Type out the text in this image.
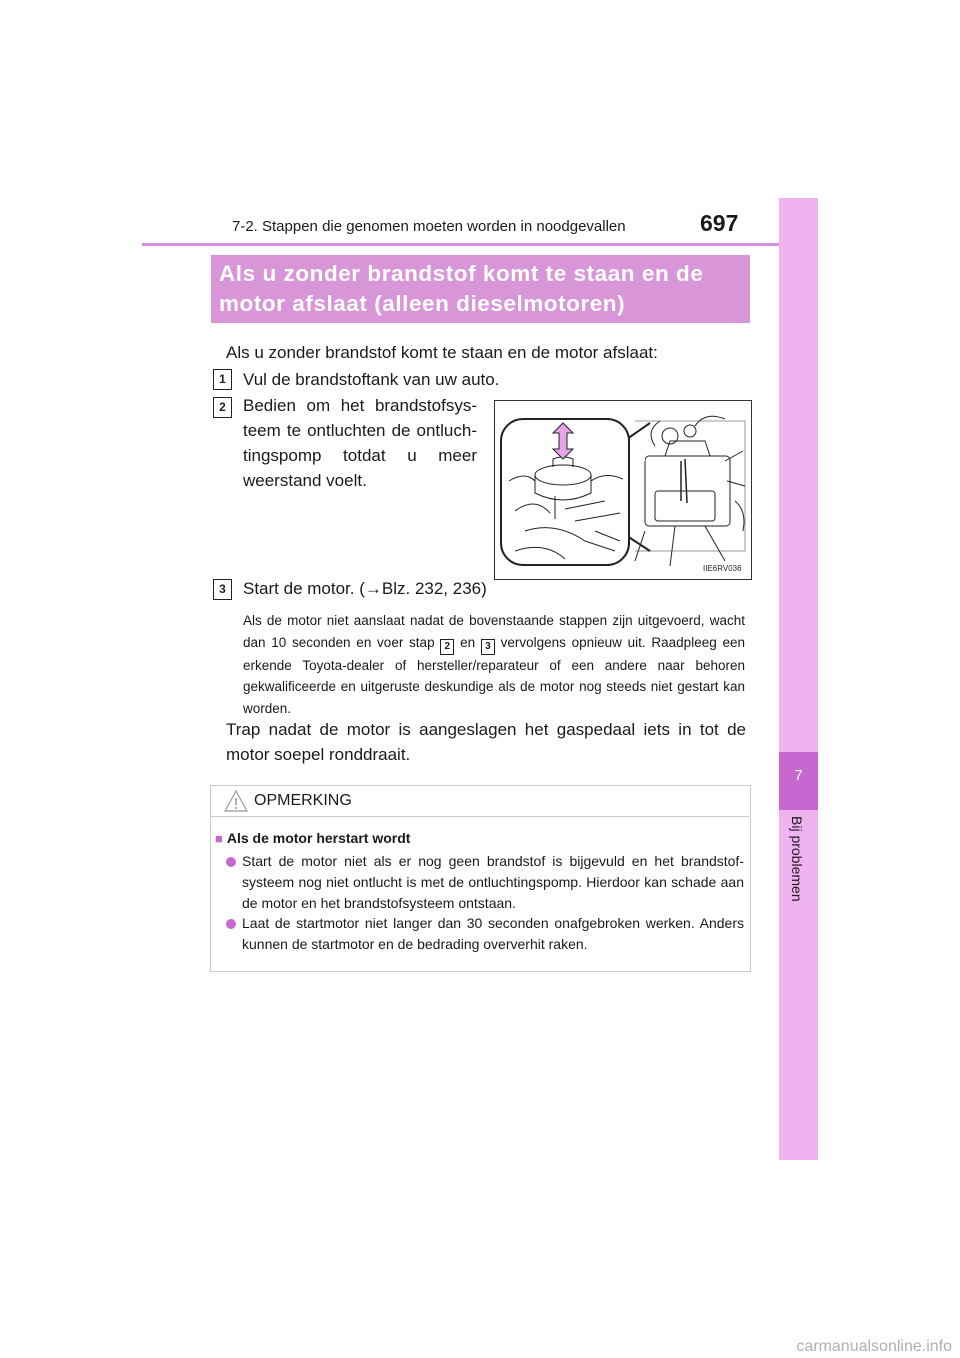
7-2. Stappen die genomen moeten worden in noodgevallen	697
7
Bij problemen
Als u zonder brandstof komt te staan en de
motor afslaat (alleen dieselmotoren)
Als u zonder brandstof komt te staan en de motor afslaat:
1	Vul de brandstoftank van uw auto.
2	Bedien om het brandstofsys-
teem te ontluchten de ontluch-
tingspomp totdat u meer
weerstand voelt.
IIE6RV036
3	Start de motor. (→Blz. 232, 236)
Als de motor niet aanslaat nadat de bovenstaande stappen zijn uitgevoerd, wacht dan 10 seconden en voer stap 2 en 3 vervolgens opnieuw uit. Raadpleeg een erkende Toyota-dealer of hersteller/reparateur of een andere naar behoren gekwalificeerde en uitgeruste deskundige als de motor nog steeds niet gestart kan worden.
Trap nadat de motor is aangeslagen het gaspedaal iets in tot de motor soepel ronddraait.
OPMERKING
■ Als de motor herstart wordt
Start de motor niet als er nog geen brandstof is bijgevuld en het brandstof-systeem nog niet ontlucht is met de ontluchtingspomp. Hierdoor kan schade aan de motor en het brandstofsysteem ontstaan.
Laat de startmotor niet langer dan 30 seconden onafgebroken werken. Anders kunnen de startmotor en de bedrading oververhit raken.
carmanualsonline.info
